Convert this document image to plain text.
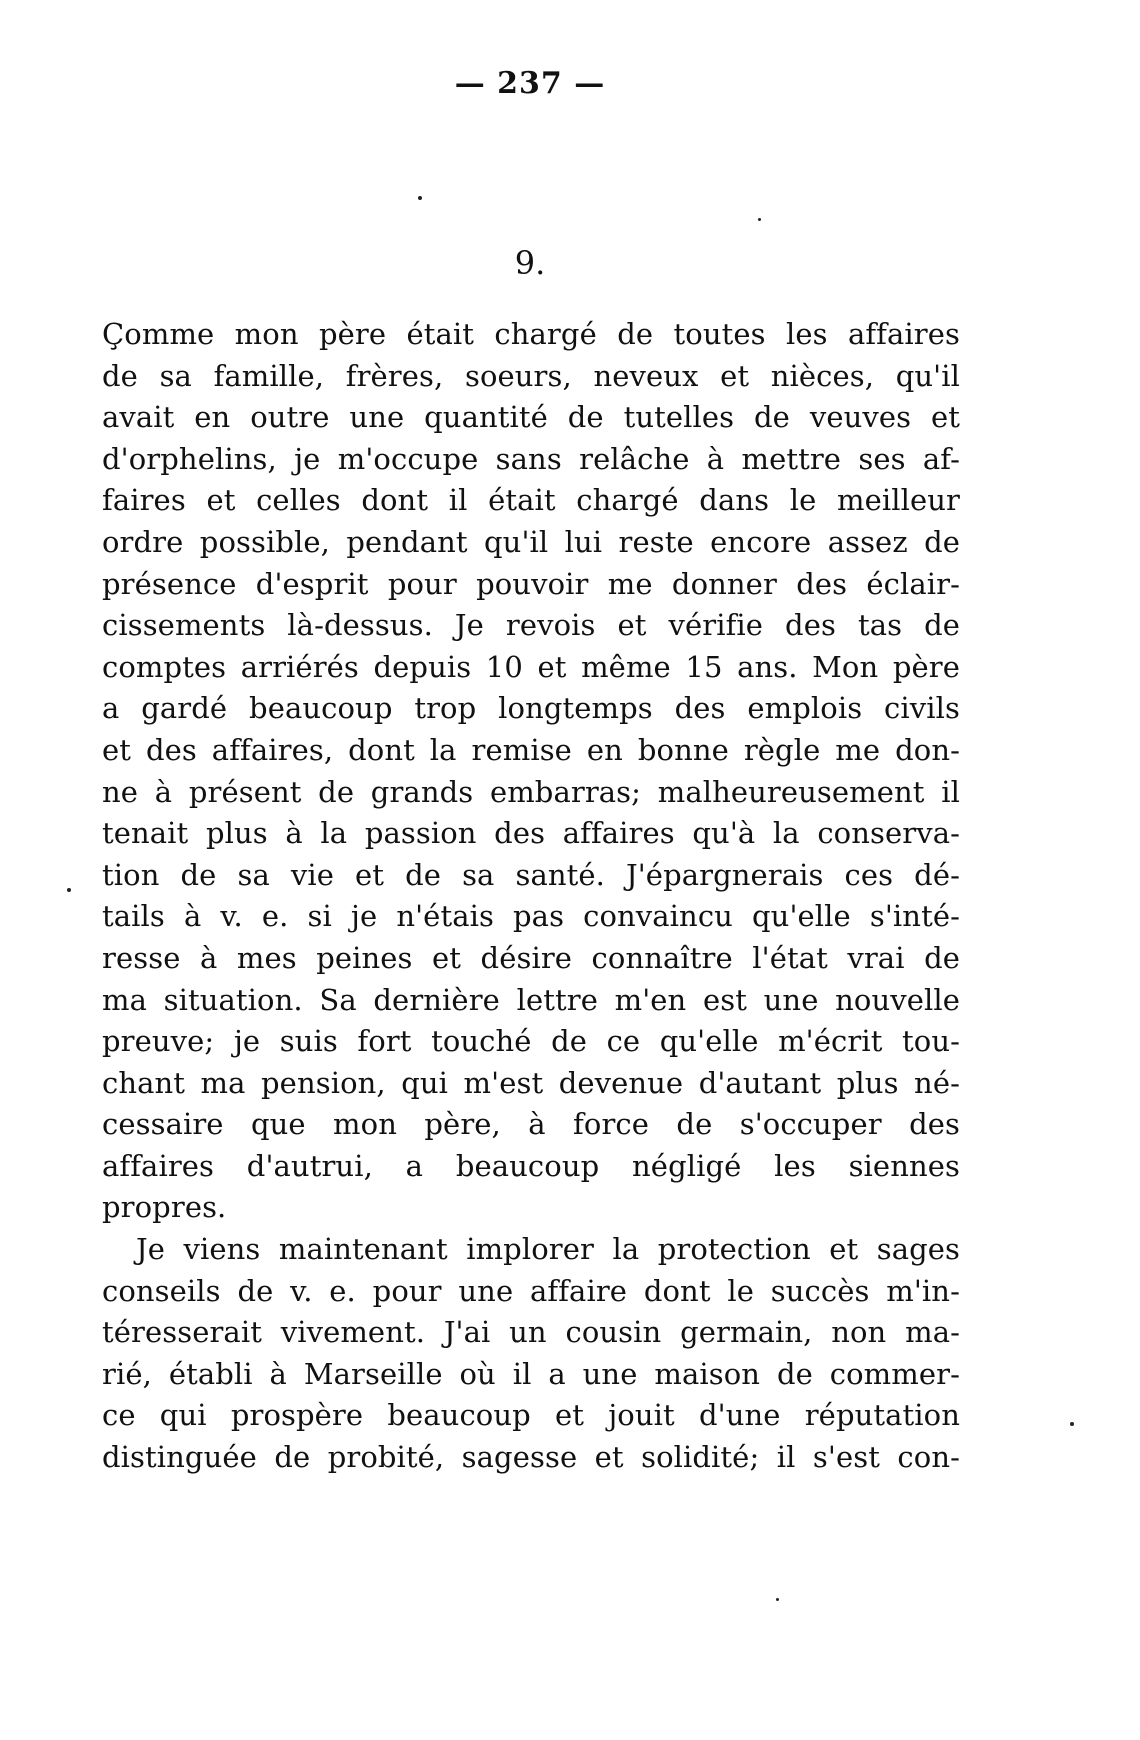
— 237 —
9.
Çomme mon père était chargé de toutes les affaires
de sa famille, frères, soeurs, neveux et nièces, qu'il
avait en outre une quantité de tutelles de veuves et
d'orphelins, je m'occupe sans relâche à mettre ses af-
faires et celles dont il était chargé dans le meilleur
ordre possible, pendant qu'il lui reste encore assez de
présence d'esprit pour pouvoir me donner des éclair-
cissements là-dessus. Je revois et vérifie des tas de
comptes arriérés depuis 10 et même 15 ans. Mon père
a gardé beaucoup trop longtemps des emplois civils
et des affaires, dont la remise en bonne règle me don-
ne à présent de grands embarras; malheureusement il
tenait plus à la passion des affaires qu'à la conserva-
tion de sa vie et de sa santé. J'épargnerais ces dé-
tails à v. e. si je n'étais pas convaincu qu'elle s'inté-
resse à mes peines et désire connaître l'état vrai de
ma situation. Sa dernière lettre m'en est une nouvelle
preuve; je suis fort touché de ce qu'elle m'écrit tou-
chant ma pension, qui m'est devenue d'autant plus né-
cessaire que mon père, à force de s'occuper des
affaires d'autrui, a beaucoup négligé les siennes
propres.
Je viens maintenant implorer la protection et sages
conseils de v. e. pour une affaire dont le succès m'in-
téresserait vivement. J'ai un cousin germain, non ma-
rié, établi à Marseille où il a une maison de commer-
ce qui prospère beaucoup et jouit d'une réputation
distinguée de probité, sagesse et solidité; il s'est con-
